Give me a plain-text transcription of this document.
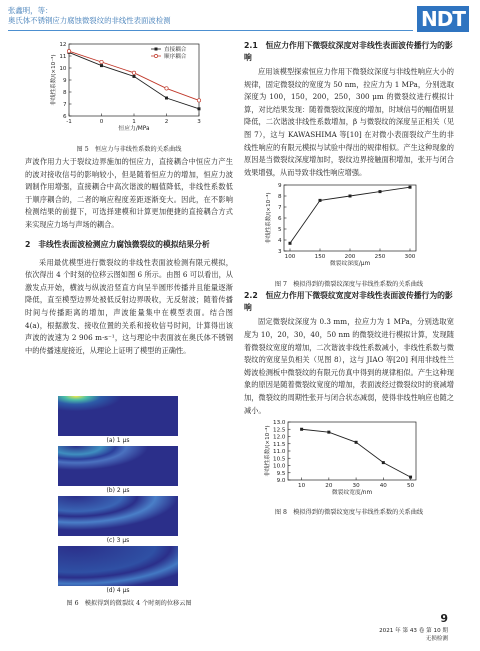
张鑫明，等：
奥氏体不锈钢应力腐蚀微裂纹的非线性表面波检测	NDT
-1	0	1	2	3
6
7
8
9
10
11
12
恒应力/MPa
非线性系数/(×10⁻³)
直接耦合
顺序耦合
图 5　恒应力与非线性系数的关系曲线
声波作用力大于裂纹边界施加的恒应力，直接耦合中恒应力产生的波对接收信号的影响较小，但是随着恒应力的增加，恒应力波调制作用增强，直接耦合中高次谐波的幅值降低，非线性系数低于顺序耦合的，二者的响应程度差距逐渐变大。因此，在不影响检测结果的前提下，可选择建模和计算更加便捷的直接耦合方式来实现应力场与声场的耦合。
2　非线性表面波检测应力腐蚀微裂纹的模拟结果分析
采用最优模型进行微裂纹的非线性表面波检测有限元模拟，依次得出 4 个时刻的位移云图如图 6 所示。由图 6 可以看出，从激发点开始，横波与纵波沿竖直方向呈半圆形传播并且能量逐渐降低，直至模型边界处被低反射边界吸收，无反射波；随着传播时间与传播距离的增加，声波能量集中在模型表面。结合图 4(a)，根据激发、接收位置的关系和接收信号时间，计算得出该声波的波速为 2 906 m·s⁻¹，这与理论中表面波在奥氏体不锈钢中的传播速度接近，从理论上证明了模型的正确性。
(a) 1 μs
(b) 2 μs
(c) 3 μs
(d) 4 μs
图 6　模拟得到的微裂纹 4 个时刻的位移云图
2.1　恒应力作用下微裂纹深度对非线性表面波传播行为的影响
应用该模型探索恒应力作用下微裂纹深度与非线性响应大小的规律，固定微裂纹的宽度为 50 nm，拉应力为 1 MPa，分别选取深度为 100，150，200，250，300 μm 的微裂纹进行模拟计算，对比结果发现：随着微裂纹深度的增加，时域信号的幅值明显降低，二次谐波非线性系数增加，β 与微裂纹的深度呈正相关（见图 7），这与 KAWASHIMA 等[10] 在对微小表面裂纹产生的非线性响应的有限元模拟与试验中得出的规律相似。产生这种现象的原因是当微裂纹深度增加时，裂纹边界接触面积增加，张开与闭合效果增强，从而导致非线性响应增强。
100	150	200	250	300
3
4
5
6
7
8
9
微裂纹深度/μm
非线性系数/(×10⁻⁴)
图 7　模拟得到的微裂纹深度与非线性系数的关系曲线
2.2　恒应力作用下微裂纹宽度对非线性表面波传播行为的影响
固定微裂纹深度为 0.3 mm，拉应力为 1 MPa，分别选取宽度为 10，20，30，40，50 nm 的微裂纹进行模拟计算，发现随着微裂纹宽度的增加，二次谐波非线性系数减小，非线性系数与微裂纹的宽度呈负相关（见图 8），这与 JIAO 等[20] 利用非线性兰姆波检测板中微裂纹的有限元仿真中得到的规律相似。产生这种现象的原因是随着微裂纹宽度的增加，表面波经过微裂纹时的衰减增加，微裂纹的周期性张开与闭合状态减弱，使得非线性响应也随之减小。
10	20	30	40	50
9.0
9.5
10.0
10.5
11.0
11.5
12.0
12.5
13.0
微裂纹宽度/nm
非线性系数/(×10⁻⁴)
图 8　模拟得到的微裂纹宽度与非线性系数的关系曲线
9
2021 年 第 43 卷 第 10 期
无损检测
